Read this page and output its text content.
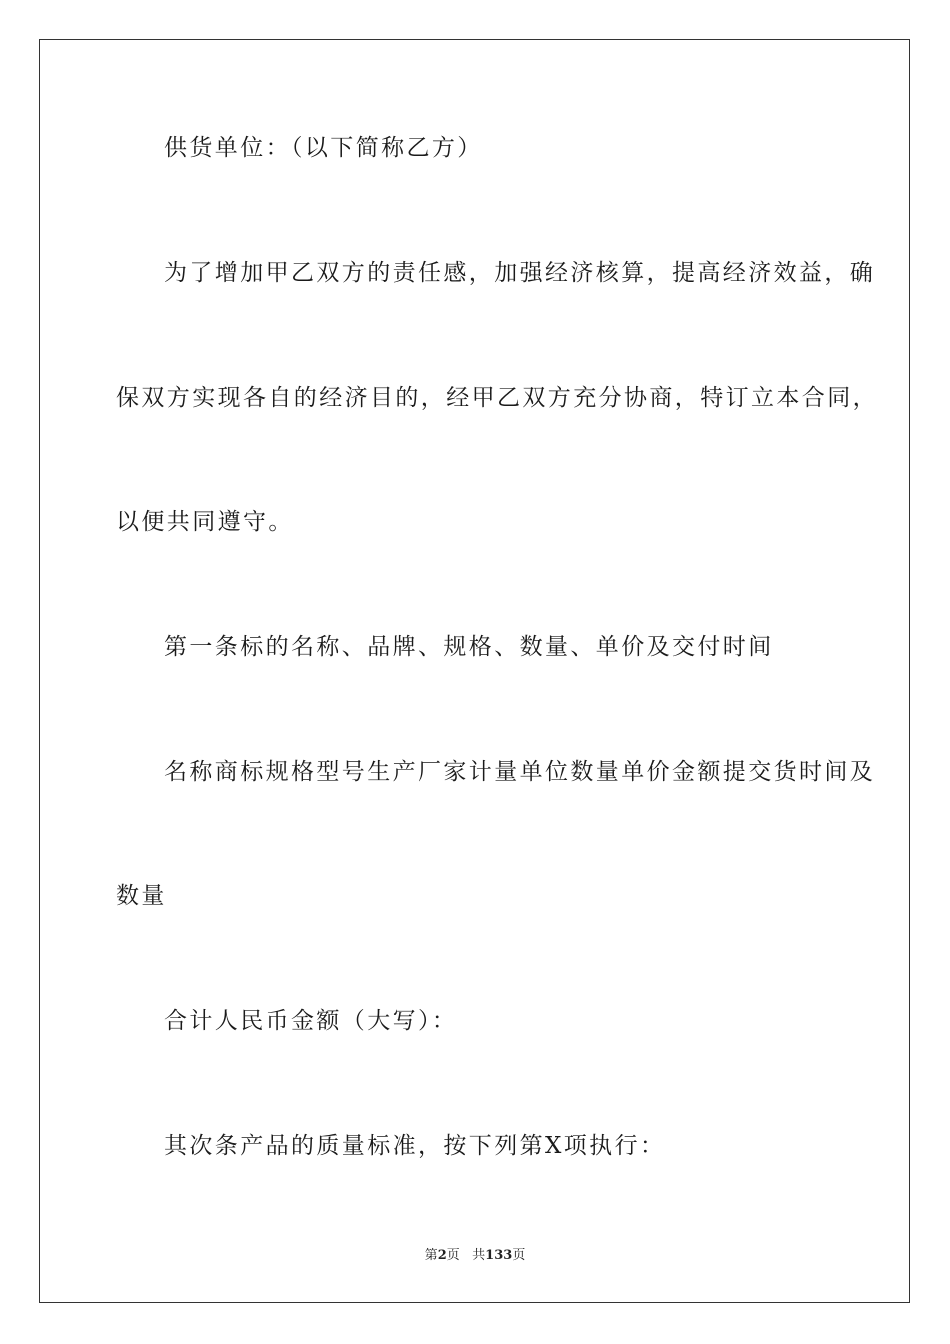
供货单位：（以下简称乙方）
为了增加甲乙双方的责任感，加强经济核算，提高经济效益，确
保双方实现各自的经济目的，经甲乙双方充分协商，特订立本合同，
以便共同遵守。
第一条标的名称、品牌、规格、数量、单价及交付时间
名称商标规格型号生产厂家计量单位数量单价金额提交货时间及
数量
合计人民币金额（大写）：
其次条产品的质量标准，按下列第X项执行：
第2页 共133页
